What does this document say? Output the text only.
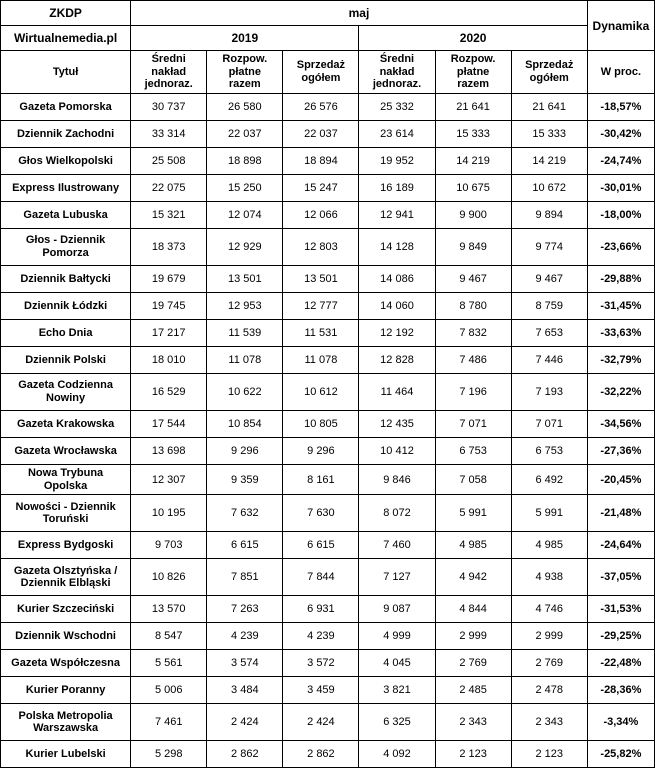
ZKDP	maj						Dynamika
Wirtualnemedia.pl	2019			2020			
Tytuł	Średni nakład jednoraz.	Rozpow. płatne razem	Sprzedaż ogółem	Średni nakład jednoraz.	Rozpow. płatne razem	Sprzedaż ogółem	W proc.
Gazeta Pomorska	30 737	26 580	26 576	25 332	21 641	21 641	-18,57%
Dziennik Zachodni	33 314	22 037	22 037	23 614	15 333	15 333	-30,42%
Głos Wielkopolski	25 508	18 898	18 894	19 952	14 219	14 219	-24,74%
Express Ilustrowany	22 075	15 250	15 247	16 189	10 675	10 672	-30,01%
Gazeta Lubuska	15 321	12 074	12 066	12 941	9 900	9 894	-18,00%
Głos - Dziennik Pomorza	18 373	12 929	12 803	14 128	9 849	9 774	-23,66%
Dziennik Bałtycki	19 679	13 501	13 501	14 086	9 467	9 467	-29,88%
Dziennik Łódzki	19 745	12 953	12 777	14 060	8 780	8 759	-31,45%
Echo Dnia	17 217	11 539	11 531	12 192	7 832	7 653	-33,63%
Dziennik Polski	18 010	11 078	11 078	12 828	7 486	7 446	-32,79%
Gazeta Codzienna Nowiny	16 529	10 622	10 612	11 464	7 196	7 193	-32,22%
Gazeta Krakowska	17 544	10 854	10 805	12 435	7 071	7 071	-34,56%
Gazeta Wrocławska	13 698	9 296	9 296	10 412	6 753	6 753	-27,36%
Nowa Trybuna Opolska	12 307	9 359	8 161	9 846	7 058	6 492	-20,45%
Nowości - Dziennik Toruński	10 195	7 632	7 630	8 072	5 991	5 991	-21,48%
Express Bydgoski	9 703	6 615	6 615	7 460	4 985	4 985	-24,64%
Gazeta Olsztyńska / Dziennik Elbląski	10 826	7 851	7 844	7 127	4 942	4 938	-37,05%
Kurier Szczeciński	13 570	7 263	6 931	9 087	4 844	4 746	-31,53%
Dziennik Wschodni	8 547	4 239	4 239	4 999	2 999	2 999	-29,25%
Gazeta Współczesna	5 561	3 574	3 572	4 045	2 769	2 769	-22,48%
Kurier Poranny	5 006	3 484	3 459	3 821	2 485	2 478	-28,36%
Polska Metropolia Warszawska	7 461	2 424	2 424	6 325	2 343	2 343	-3,34%
Kurier Lubelski	5 298	2 862	2 862	4 092	2 123	2 123	-25,82%
